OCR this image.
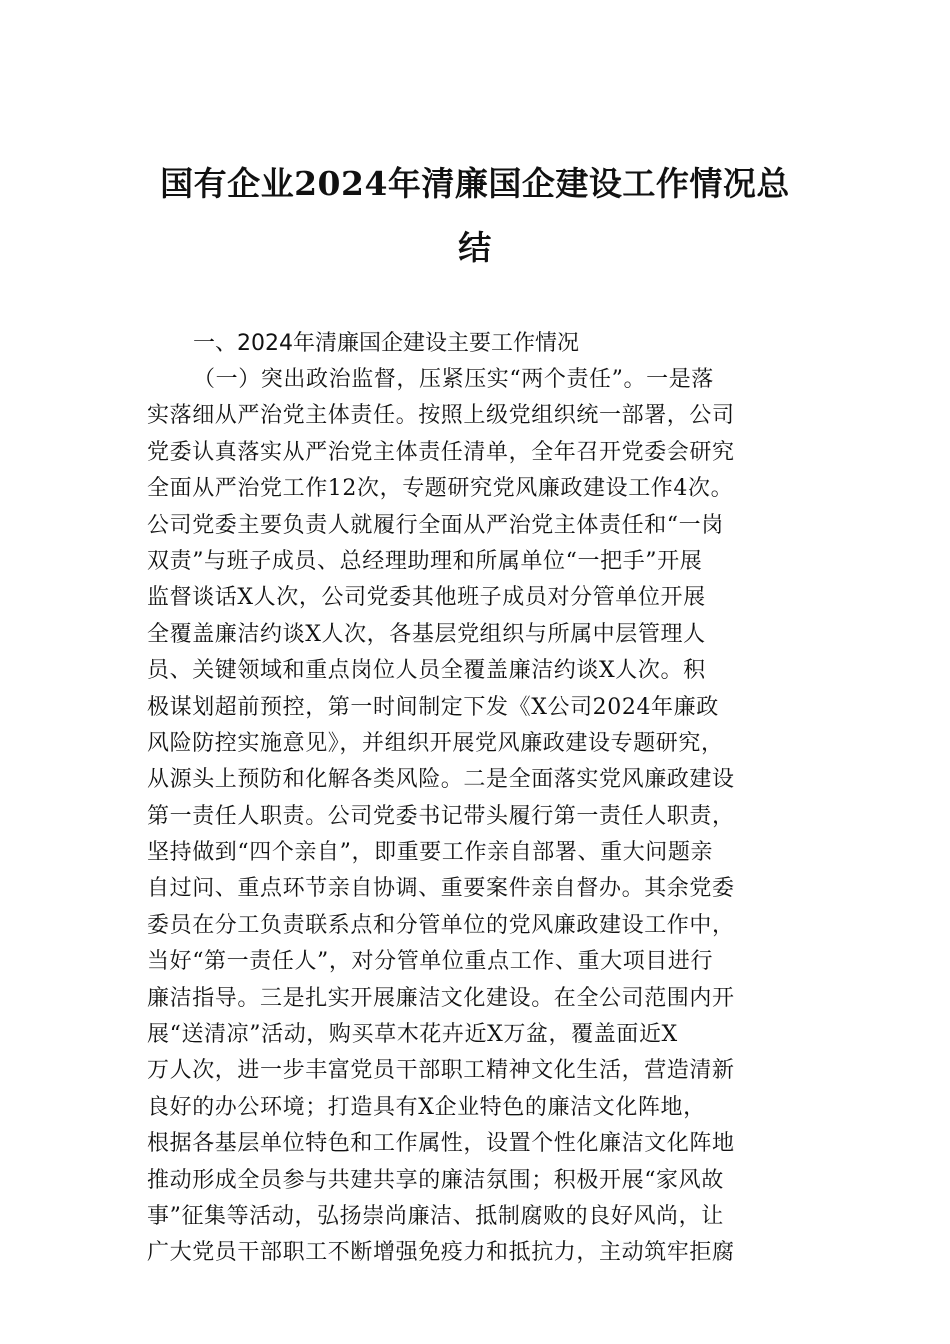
国有企业2024年清廉国企建设工作情况总
结
一、2024年清廉国企建设主要工作情况
（一）突出政治监督，压紧压实“两个责任”。一是落
实落细从严治党主体责任。按照上级党组织统一部署，公司
党委认真落实从严治党主体责任清单，全年召开党委会研究
全面从严治党工作12次，专题研究党风廉政建设工作4次。
公司党委主要负责人就履行全面从严治党主体责任和“一岗
双责”与班子成员、总经理助理和所属单位“一把手”开展
监督谈话X人次，公司党委其他班子成员对分管单位开展
全覆盖廉洁约谈X人次，各基层党组织与所属中层管理人
员、关键领域和重点岗位人员全覆盖廉洁约谈X人次。积
极谋划超前预控，第一时间制定下发《X公司2024年廉政
风险防控实施意见》，并组织开展党风廉政建设专题研究，
从源头上预防和化解各类风险。二是全面落实党风廉政建设
第一责任人职责。公司党委书记带头履行第一责任人职责，
坚持做到“四个亲自”，即重要工作亲自部署、重大问题亲
自过问、重点环节亲自协调、重要案件亲自督办。其余党委
委员在分工负责联系点和分管单位的党风廉政建设工作中，
当好“第一责任人”，对分管单位重点工作、重大项目进行
廉洁指导。三是扎实开展廉洁文化建设。在全公司范围内开
展“送清凉”活动，购买草木花卉近X万盆，覆盖面近X
万人次，进一步丰富党员干部职工精神文化生活，营造清新
良好的办公环境；打造具有X企业特色的廉洁文化阵地，
根据各基层单位特色和工作属性，设置个性化廉洁文化阵地
推动形成全员参与共建共享的廉洁氛围；积极开展“家风故
事”征集等活动，弘扬崇尚廉洁、抵制腐败的良好风尚，让
广大党员干部职工不断增强免疫力和抵抗力，主动筑牢拒腐
